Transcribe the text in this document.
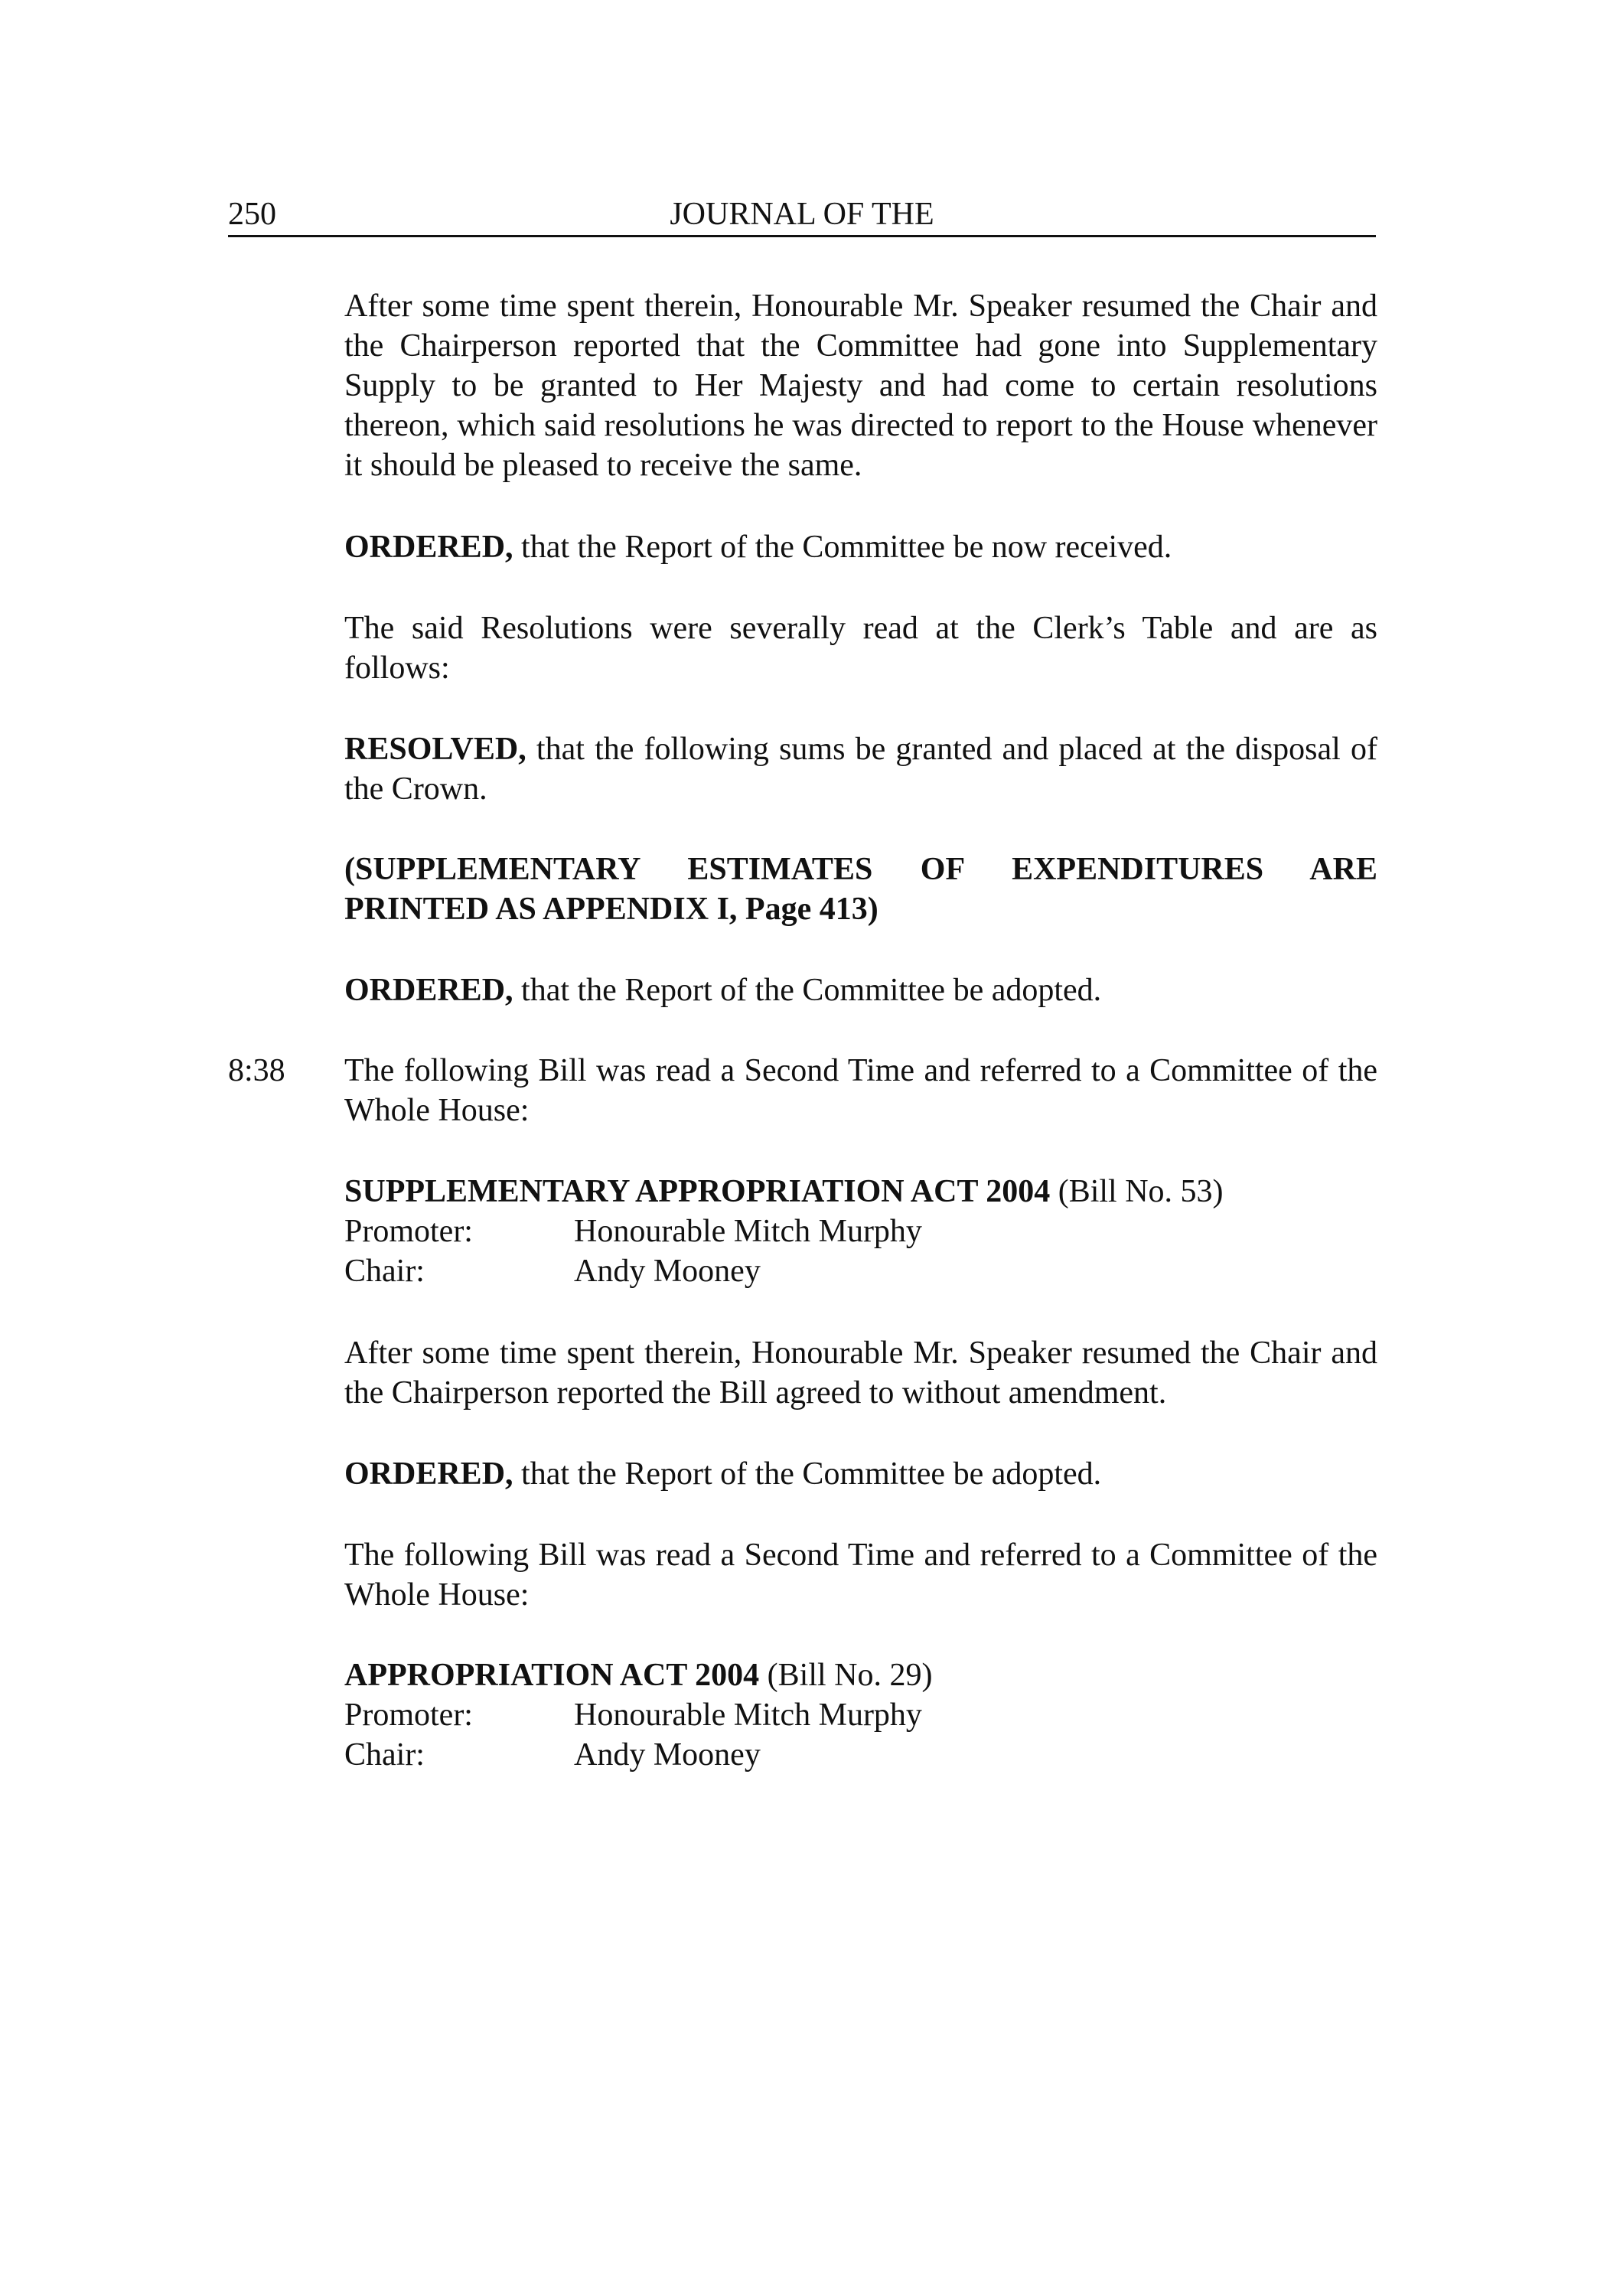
250	JOURNAL OF THE
After some time spent therein, Honourable Mr. Speaker resumed the Chair and the Chairperson reported that the Committee had gone into Supplementary Supply to be granted to Her Majesty and had come to certain resolutions thereon, which said resolutions he was directed to report to the House whenever it should be pleased to receive the same.
ORDERED, that the Report of the Committee be now received.
The said Resolutions were severally read at the Clerk’s Table and are as follows:
RESOLVED, that the following sums be granted and placed at the disposal of the Crown.
(SUPPLEMENTARY ESTIMATES OF EXPENDITURES ARE
PRINTED AS APPENDIX I, Page 413)
ORDERED, that the Report of the Committee be adopted.
8:38 The following Bill was read a Second Time and referred to a Committee of the Whole House:
SUPPLEMENTARY APPROPRIATION ACT 2004 (Bill No. 53)
Promoter:	Honourable Mitch Murphy
Chair:	Andy Mooney
After some time spent therein, Honourable Mr. Speaker resumed the Chair and the Chairperson reported the Bill agreed to without amendment.
ORDERED, that the Report of the Committee be adopted.
The following Bill was read a Second Time and referred to a Committee of the Whole House:
APPROPRIATION ACT 2004 (Bill No. 29)
Promoter:	Honourable Mitch Murphy
Chair:	Andy Mooney
